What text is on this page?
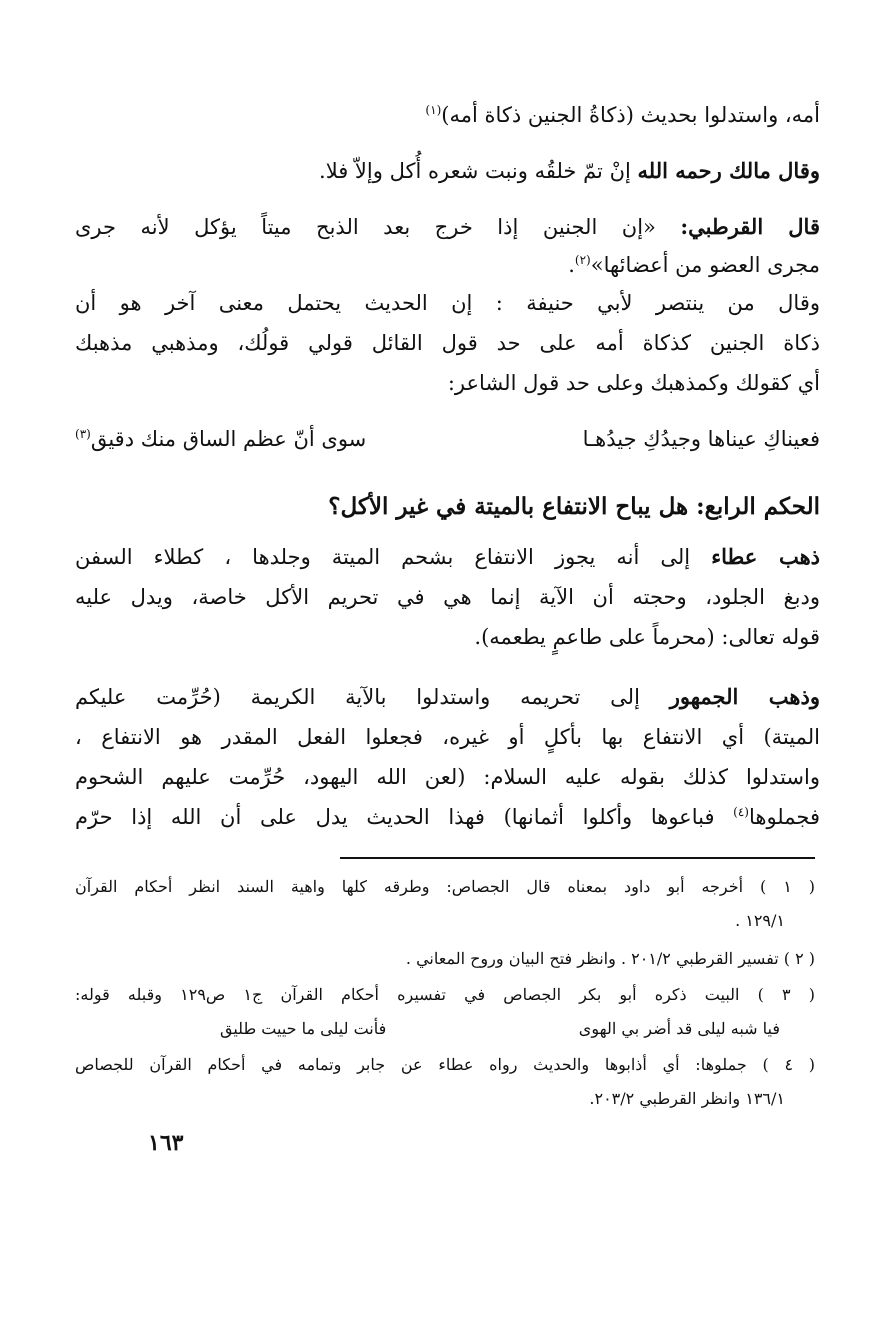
أمه، واستدلوا بحديث (ذكاةُ الجنين ذكاة أمه)$^{(١)}$
وقال مالك رحمه الله إنْ تمّ خلقُه ونبت شعره أُكل وإلاّ فلا.
قال القرطبي: «إن الجنين إذا خرج بعد الذبح ميتاً يؤكل لأنه جرى
مجرى العضو من أعضائها»$^{(٢)}$.
وقال من ينتصر لأبي حنيفة : إن الحديث يحتمل معنى آخر هو أن
ذكاة الجنين كذكاة أمه على حد قول القائل قولي قولُك، ومذهبي مذهبك
أي كقولك وكمذهبك وعلى حد قول الشاعر:
فعيناكِ عيناها وجيدُكِ جيدُهـا
سوى أنّ عظم الساق منك دقيق$^{(٣)}$
الحكم الرابع: هل يباح الانتفاع بالميتة في غير الأكل؟
ذهب عطاء إلى أنه يجوز الانتفاع بشحم الميتة وجلدها ، كطلاء السفن
ودبغ الجلود، وحجته أن الآية إنما هي في تحريم الأكل خاصة، ويدل عليه
قوله تعالى: (محرماً على طاعمٍ يطعمه).
وذهب الجمهور إلى تحريمه واستدلوا بالآية الكريمة (حُرِّمت عليكم
الميتة) أي الانتفاع بها بأكلٍ أو غيره، فجعلوا الفعل المقدر هو الانتفاع ،
واستدلوا كذلك بقوله عليه السلام: (لعن الله اليهود، حُرِّمت عليهم الشحوم
فجملوها$^{(٤)}$ فباعوها وأكلوا أثمانها) فهذا الحديث يدل على أن الله إذا حرّم
( ١ ) أخرجه أبو داود بمعناه قال الجصاص: وطرقه كلها واهية السند انظر أحكام القرآن
١٢٩/١ .
( ٢ ) تفسير القرطبي ٢٠١/٢ . وانظر فتح البيان وروح المعاني .
( ٣ ) البيت ذكره أبو بكر الجصاص في تفسيره أحكام القرآن ج١ ص١٢٩ وقبله قوله:
فيا شبه ليلى قد أضر بي الهوى
فأنت ليلى ما حييت طليق
( ٤ ) جملوها: أي أذابوها والحديث رواه عطاء عن جابر وتمامه في أحكام القرآن للجصاص
١٣٦/١ وانظر القرطبي ٢٠٣/٢.
١٦٣
